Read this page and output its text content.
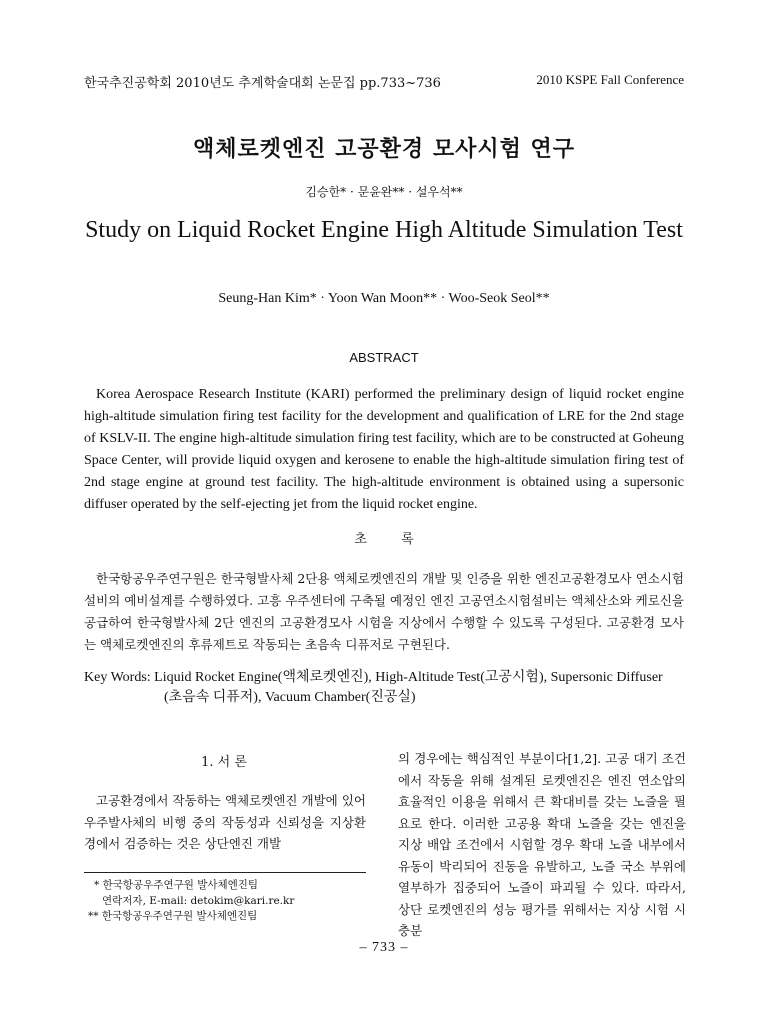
한국추진공학회 2010년도 추계학술대회 논문집 pp.733~736	2010 KSPE Fall Conference
액체로켓엔진 고공환경 모사시험 연구
김승한* · 문윤완** · 설우석**
Study on Liquid Rocket Engine High Altitude Simulation Test
Seung-Han Kim* · Yoon Wan Moon** · Woo-Seok Seol**
ABSTRACT
Korea Aerospace Research Institute (KARI) performed the preliminary design of liquid rocket engine high-altitude simulation firing test facility for the development and qualification of LRE for the 2nd stage of KSLV-II. The engine high-altitude simulation firing test facility, which are to be constructed at Goheung Space Center, will provide liquid oxygen and kerosene to enable the high-altitude simulation firing test of 2nd stage engine at ground test facility. The high-altitude environment is obtained using a supersonic diffuser operated by the self-ejecting jet from the liquid rocket engine.
초 록
한국항공우주연구원은 한국형발사체 2단용 액체로켓엔진의 개발 및 인증을 위한 엔진고공환경모사 연소시험설비의 예비설계를 수행하였다. 고흥 우주센터에 구축될 예정인 엔진 고공연소시험설비는 액체산소와 케로신을 공급하여 한국형발사체 2단 엔진의 고공환경모사 시험을 지상에서 수행할 수 있도록 구성된다. 고공환경 모사는 액체로켓엔진의 후류제트로 작동되는 초음속 디퓨저로 구현된다.
Key Words: Liquid Rocket Engine(액체로켓엔진), High-Altitude Test(고공시험), Supersonic Diffuser
(초음속 디퓨저), Vacuum Chamber(진공실)
1. 서 론
고공환경에서 작동하는 액체로켓엔진 개발에 있어 우주발사체의 비행 중의 작동성과 신뢰성을 지상환경에서 검증하는 것은 상단엔진 개발
* 한국항공우주연구원 발사체엔진팀
연락저자, E-mail: detokim@kari.re.kr
** 한국항공우주연구원 발사체엔진팀
의 경우에는 핵심적인 부분이다[1,2]. 고공 대기 조건에서 작동을 위해 설계된 로켓엔진은 엔진 연소압의 효율적인 이용을 위해서 큰 확대비를 갖는 노즐을 필요로 한다. 이러한 고공용 확대 노즐을 갖는 엔진을 지상 배압 조건에서 시험할 경우 확대 노즐 내부에서 유동이 박리되어 진동을 유발하고, 노즐 국소 부위에 열부하가 집중되어 노즐이 파괴될 수 있다. 따라서, 상단 로켓엔진의 성능 평가를 위해서는 지상 시험 시 충분
– 733 –
